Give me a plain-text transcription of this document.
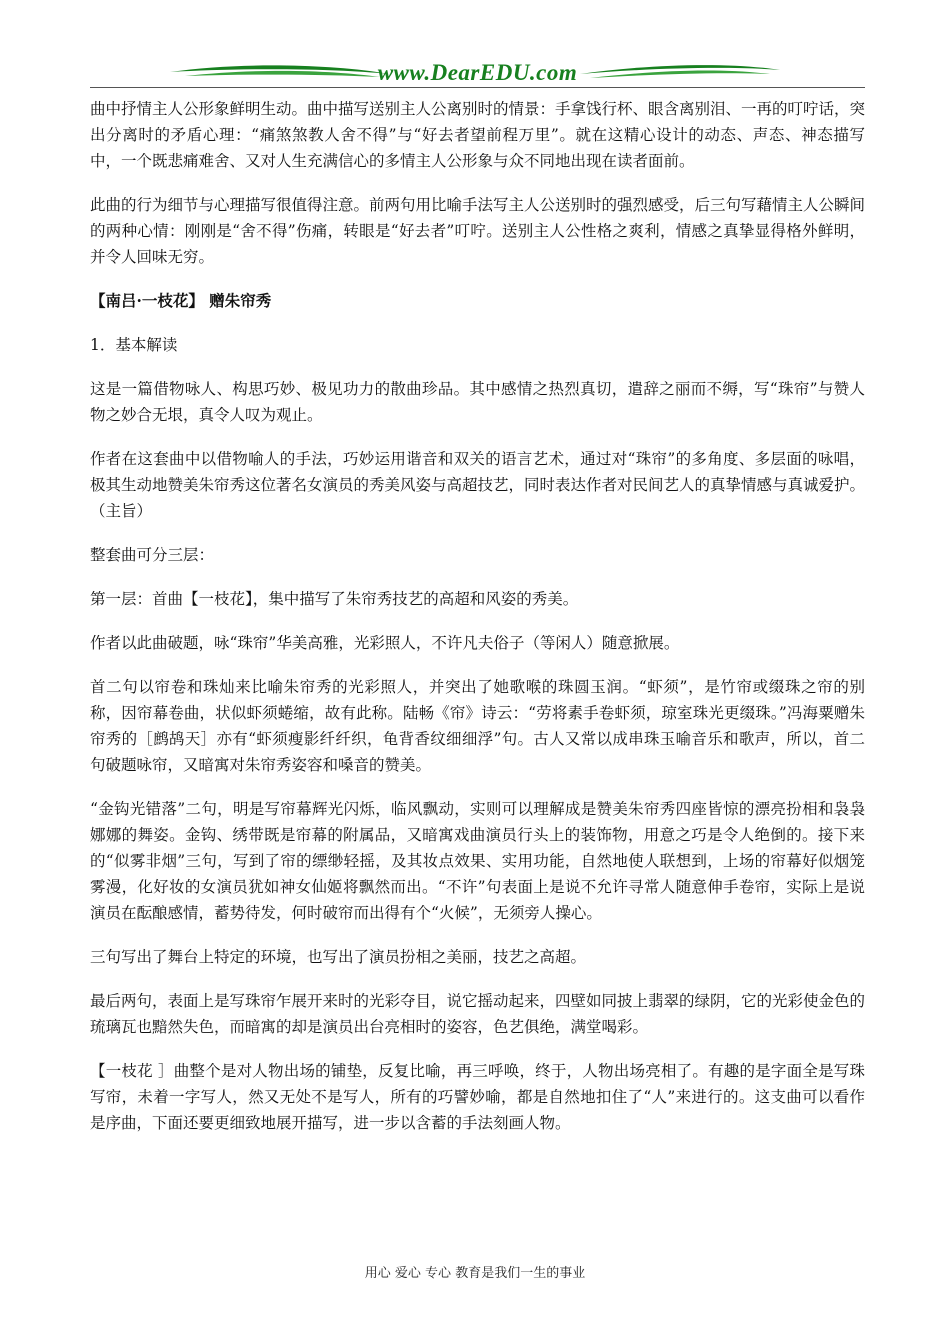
www.DearEDU.com

曲中抒情主人公形象鲜明生动。曲中描写送别主人公离别时的情景：手拿饯行杯、眼含离别泪、一再的叮咛话，突出分离时的矛盾心理：“痛煞煞教人舍不得”与“好去者望前程万里”。就在这精心设计的动态、声态、神态描写中，一个既悲痛难舍、又对人生充满信心的多情主人公形象与众不同地出现在读者面前。

此曲的行为细节与心理描写很值得注意。前两句用比喻手法写主人公送别时的强烈感受，后三句写藉情主人公瞬间的两种心情：刚刚是“舍不得”伤痛，转眼是“好去者”叮咛。送别主人公性格之爽利，情感之真挚显得格外鲜明，并令人回味无穷。

【南吕·一枝花】 赠朱帘秀

1．基本解读

这是一篇借物咏人、构思巧妙、极见功力的散曲珍品。其中感情之热烈真切，遣辞之丽而不缛，写“珠帘”与赞人物之妙合无垠，真令人叹为观止。

作者在这套曲中以借物喻人的手法，巧妙运用谐音和双关的语言艺术，通过对“珠帘”的多角度、多层面的咏唱，极其生动地赞美朱帘秀这位著名女演员的秀美风姿与高超技艺，同时表达作者对民间艺人的真挚情感与真诚爱护。（主旨）

整套曲可分三层：

第一层：首曲【一枝花】，集中描写了朱帘秀技艺的高超和风姿的秀美。

作者以此曲破题，咏“珠帘”华美高雅，光彩照人，不许凡夫俗子（等闲人）随意掀展。

首二句以帘卷和珠灿来比喻朱帘秀的光彩照人，并突出了她歌喉的珠圆玉润。“虾须”，是竹帘或缀珠之帘的别称，因帘幕卷曲，状似虾须蜷缩，故有此称。陆畅《帘》诗云：“劳将素手卷虾须，琼室珠光更缀珠。”冯海粟赠朱帘秀的［鹧鸪天］亦有“虾须瘦影纤纤织，龟背香纹细细浮”句。古人又常以成串珠玉喻音乐和歌声，所以，首二句破题咏帘，又暗寓对朱帘秀姿容和嗓音的赞美。

“金钩光错落”二句，明是写帘幕辉光闪烁，临风飘动，实则可以理解成是赞美朱帘秀四座皆惊的漂亮扮相和袅袅娜娜的舞姿。金钩、绣带既是帘幕的附属品，又暗寓戏曲演员行头上的装饰物，用意之巧是令人绝倒的。接下来的“似雾非烟”三句，写到了帘的缥缈轻摇，及其妆点效果、实用功能，自然地使人联想到，上场的帘幕好似烟笼雾漫，化好妆的女演员犹如神女仙姬将飘然而出。“不许”句表面上是说不允许寻常人随意伸手卷帘，实际上是说演员在酝酿感情，蓄势待发，何时破帘而出得有个“火候”，无须旁人操心。

三句写出了舞台上特定的环境，也写出了演员扮相之美丽，技艺之高超。

最后两句，表面上是写珠帘乍展开来时的光彩夺目，说它摇动起来，四壁如同披上翡翠的绿阴，它的光彩使金色的琉璃瓦也黯然失色，而暗寓的却是演员出台亮相时的姿容，色艺俱绝，满堂喝彩。

【一枝花 ］曲整个是对人物出场的铺垫，反复比喻，再三呼唤，终于，人物出场亮相了。有趣的是字面全是写珠写帘，未着一字写人，然又无处不是写人，所有的巧譬妙喻，都是自然地扣住了“人”来进行的。这支曲可以看作是序曲，下面还要更细致地展开描写，进一步以含蓄的手法刻画人物。

用心 爱心 专心 教育是我们一生的事业
